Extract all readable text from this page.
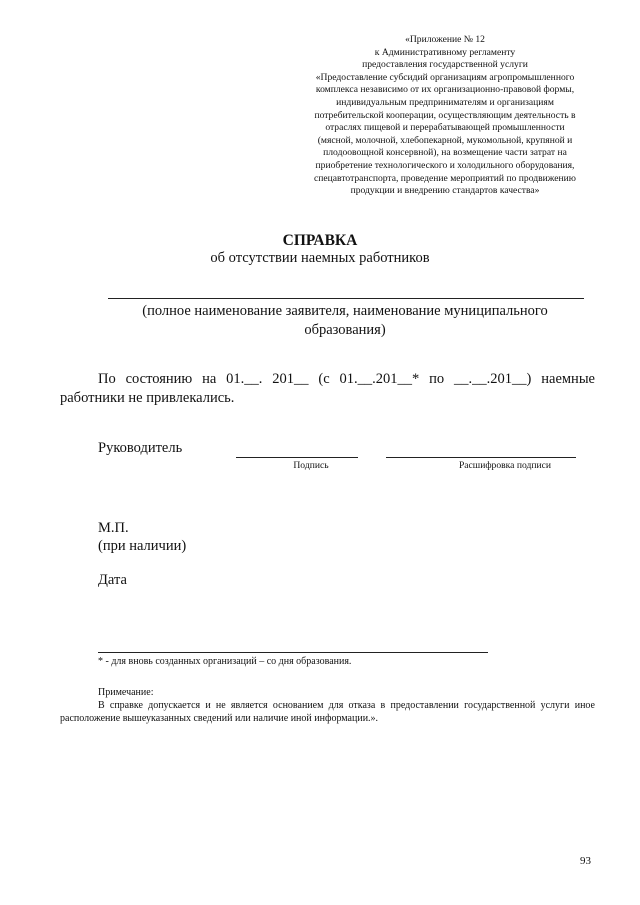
«Приложение № 12
к Административному регламенту
предоставления государственной услуги
«Предоставление субсидий организациям агропромышленного
комплекса независимо от их организационно-правовой формы,
индивидуальным предпринимателям и организациям
потребительской кооперации, осуществляющим деятельность в
отраслях пищевой и перерабатывающей промышленности
(мясной, молочной, хлебопекарной, мукомольной, крупяной и
плодоовощной консервной), на возмещение части затрат на
приобретение технологического и холодильного оборудования,
спецавтотранспорта, проведение мероприятий по продвижению
продукции и внедрению стандартов качества»
СПРАВКА
об отсутствии наемных работников
(полное наименование заявителя, наименование муниципального образования)
По состоянию на 01.__. 201__ (с 01.__.201__* по __.__.201__) наемные работники не привлекались.
Руководитель
Подпись	Расшифровка подписи
М.П.
(при наличии)
Дата
* - для вновь созданных организаций – со дня образования.
Примечание:
В справке допускается и не является основанием для отказа в предоставлении государственной услуги иное расположение вышеуказанных сведений или наличие иной информации.».
93
